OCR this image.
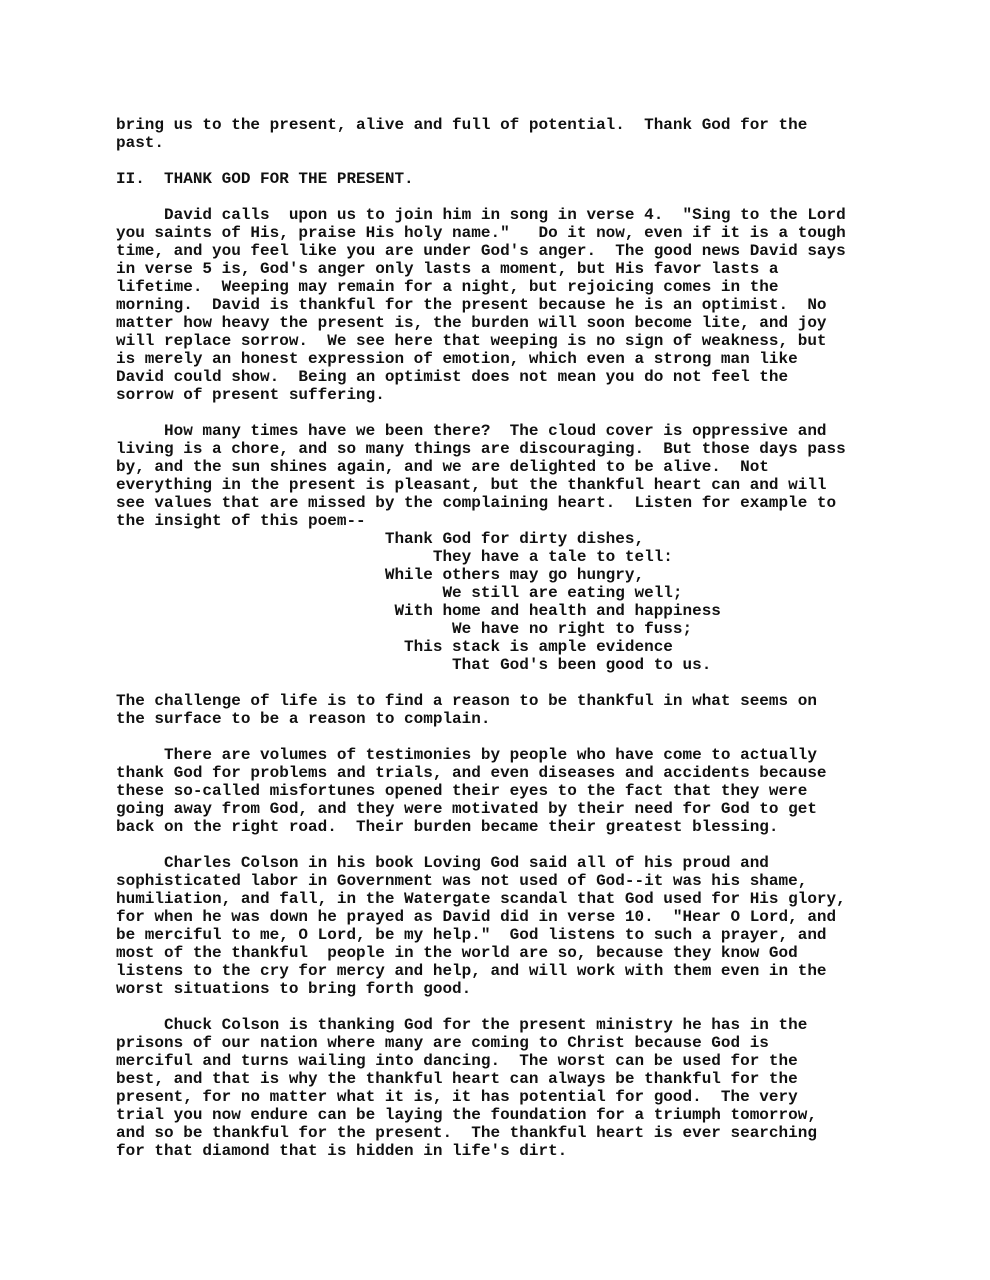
bring us to the present, alive and full of potential.  Thank God for the
past.
II.  THANK GOD FOR THE PRESENT.
David calls  upon us to join him in song in verse 4.  "Sing to the Lord
you saints of His, praise His holy name."   Do it now, even if it is a tough
time, and you feel like you are under God's anger.  The good news David says
in verse 5 is, God's anger only lasts a moment, but His favor lasts a
lifetime.  Weeping may remain for a night, but rejoicing comes in the
morning.  David is thankful for the present because he is an optimist.  No
matter how heavy the present is, the burden will soon become lite, and joy
will replace sorrow.  We see here that weeping is no sign of weakness, but
is merely an honest expression of emotion, which even a strong man like
David could show.  Being an optimist does not mean you do not feel the
sorrow of present suffering.
How many times have we been there?  The cloud cover is oppressive and
living is a chore, and so many things are discouraging.  But those days pass
by, and the sun shines again, and we are delighted to be alive.  Not
everything in the present is pleasant, but the thankful heart can and will
see values that are missed by the complaining heart.  Listen for example to
the insight of this poem--
Thank God for dirty dishes,
They have a tale to tell:
While others may go hungry,
We still are eating well;
With home and health and happiness
We have no right to fuss;
This stack is ample evidence
That God's been good to us.
The challenge of life is to find a reason to be thankful in what seems on
the surface to be a reason to complain.
There are volumes of testimonies by people who have come to actually
thank God for problems and trials, and even diseases and accidents because
these so-called misfortunes opened their eyes to the fact that they were
going away from God, and they were motivated by their need for God to get
back on the right road.  Their burden became their greatest blessing.
Charles Colson in his book Loving God said all of his proud and
sophisticated labor in Government was not used of God--it was his shame,
humiliation, and fall, in the Watergate scandal that God used for His glory,
for when he was down he prayed as David did in verse 10.  "Hear O Lord, and
be merciful to me, O Lord, be my help."  God listens to such a prayer, and
most of the thankful  people in the world are so, because they know God
listens to the cry for mercy and help, and will work with them even in the
worst situations to bring forth good.
Chuck Colson is thanking God for the present ministry he has in the
prisons of our nation where many are coming to Christ because God is
merciful and turns wailing into dancing.  The worst can be used for the
best, and that is why the thankful heart can always be thankful for the
present, for no matter what it is, it has potential for good.  The very
trial you now endure can be laying the foundation for a triumph tomorrow,
and so be thankful for the present.  The thankful heart is ever searching
for that diamond that is hidden in life's dirt.
